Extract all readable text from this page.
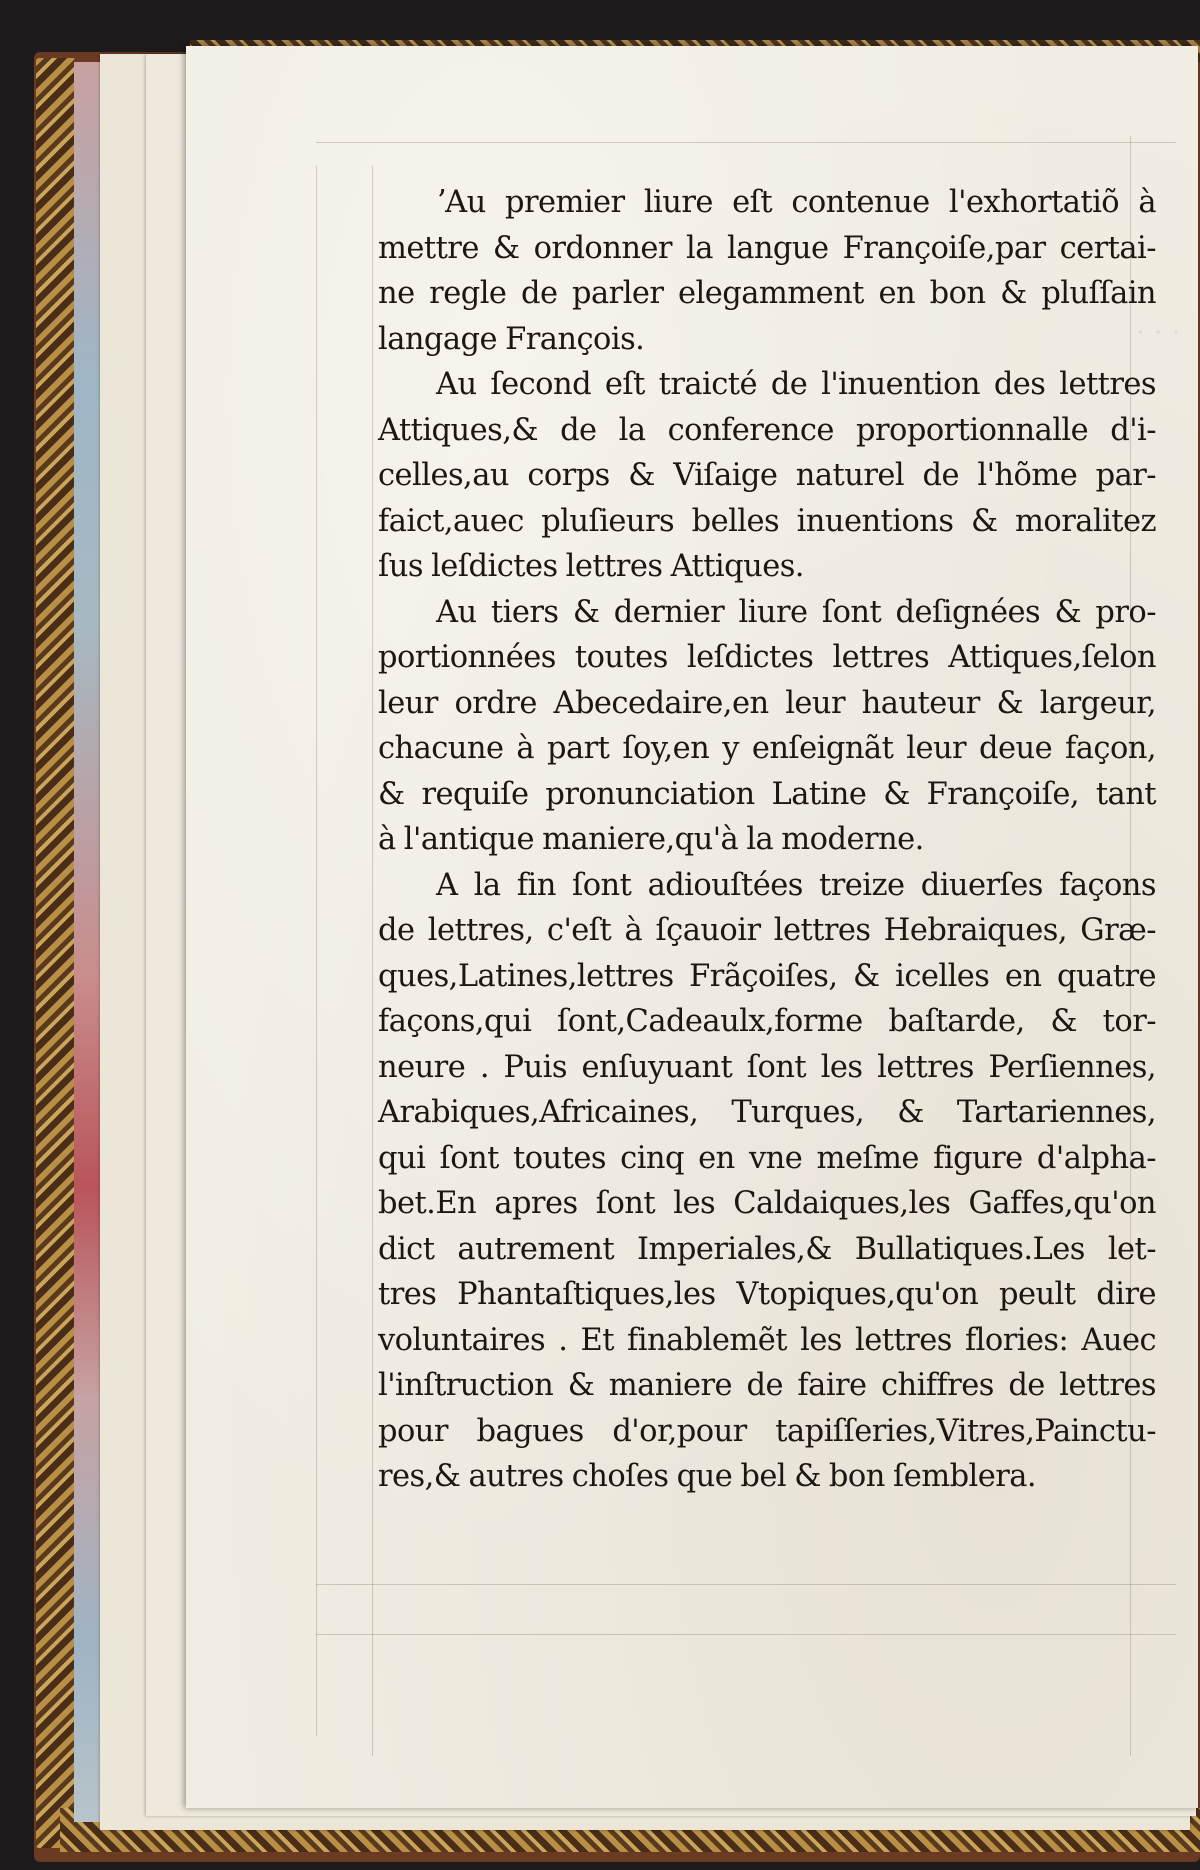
· · ·
ʼAu premier liure eſt contenue l'exhortatiõ à
mettre & ordonner la langue Françoiſe,par certai-
ne regle de parler elegamment en bon & pluſſain
langage François.
Au ſecond eſt traicté de l'inuention des lettres
Attiques,& de la conference proportionnalle d'i-
celles,au corps & Viſaige naturel de l'hõme par-
faict,auec pluſieurs belles inuentions & moralitez
ſus leſdictes lettres Attiques.
Au tiers & dernier liure ſont deſignées & pro-
portionnées toutes leſdictes lettres Attiques,ſelon
leur ordre Abecedaire,en leur hauteur & largeur,
chacune à part ſoy,en y enſeignãt leur deue façon,
& requiſe pronunciation Latine & Françoiſe, tant
à l'antique maniere,qu'à la moderne.
A la fin ſont adiouſtées treize diuerſes façons
de lettres, c'eſt à ſçauoir lettres Hebraiques, Græ-
ques,Latines,lettres Frãçoiſes, & icelles en quatre
façons,qui ſont,Cadeaulx,forme baſtarde, & tor-
neure . Puis enſuyuant ſont les lettres Perſiennes,
Arabiques,Africaines, Turques, & Tartariennes,
qui ſont toutes cinq en vne meſme figure d'alpha-
bet.En apres ſont les Caldaiques,les Gaffes,qu'on
dict autrement Imperiales,& Bullatiques.Les let-
tres Phantaſtiques,les Vtopiques,qu'on peult dire
voluntaires . Et finablemẽt les lettres flories: Auec
l'inſtruction & maniere de faire chiffres de lettres
pour bagues d'or,pour tapiſſeries,Vitres,Painctu-
res,& autres choſes que bel & bon ſemblera.
